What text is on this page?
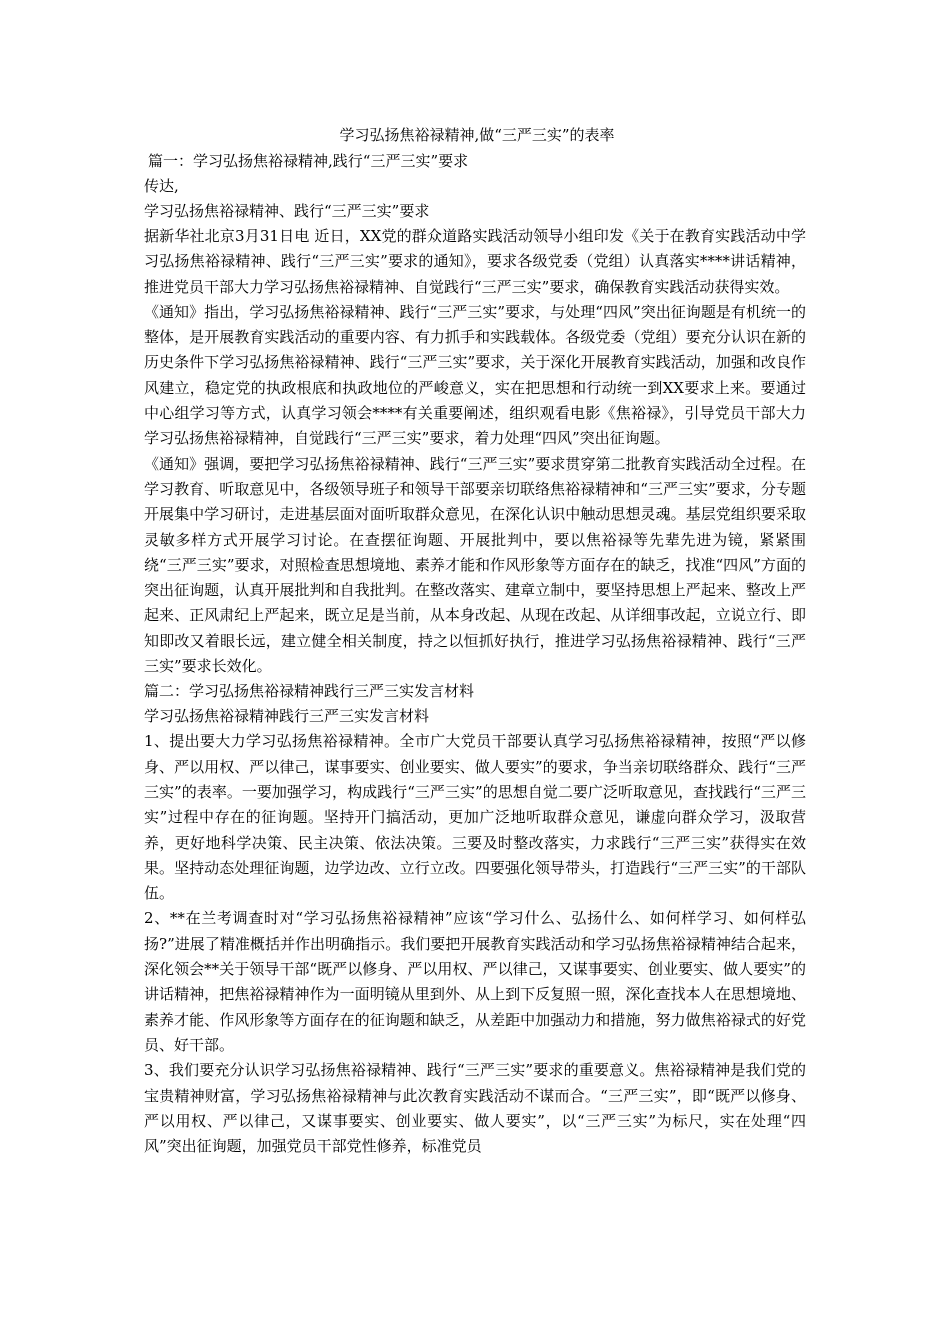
学习弘扬焦裕禄精神,做“三严三实”的表率

篇一：学习弘扬焦裕禄精神,践行“三严三实”要求

传达,

学习弘扬焦裕禄精神、践行“三严三实”要求

据新华社北京3月31日电 近日，XX党的群众道路实践活动领导小组印发《关于在教育实践活动中学习弘扬焦裕禄精神、践行“三严三实”要求的通知》，要求各级党委（党组）认真落实****讲话精神，推进党员干部大力学习弘扬焦裕禄精神、自觉践行“三严三实”要求，确保教育实践活动获得实效。

《通知》指出，学习弘扬焦裕禄精神、践行“三严三实”要求，与处理“四风”突出征询题是有机统一的整体，是开展教育实践活动的重要内容、有力抓手和实践载体。各级党委（党组）要充分认识在新的历史条件下学习弘扬焦裕禄精神、践行“三严三实”要求，关于深化开展教育实践活动，加强和改良作风建立，稳定党的执政根底和执政地位的严峻意义，实在把思想和行动统一到XX要求上来。要通过中心组学习等方式，认真学习领会****有关重要阐述，组织观看电影《焦裕禄》，引导党员干部大力学习弘扬焦裕禄精神，自觉践行“三严三实”要求，着力处理“四风”突出征询题。

《通知》强调，要把学习弘扬焦裕禄精神、践行“三严三实”要求贯穿第二批教育实践活动全过程。在学习教育、听取意见中，各级领导班子和领导干部要亲切联络焦裕禄精神和“三严三实”要求，分专题开展集中学习研讨，走进基层面对面听取群众意见，在深化认识中触动思想灵魂。基层党组织要采取灵敏多样方式开展学习讨论。在查摆征询题、开展批判中，要以焦裕禄等先辈先进为镜，紧紧围绕“三严三实”要求，对照检查思想境地、素养才能和作风形象等方面存在的缺乏，找准“四风”方面的突出征询题，认真开展批判和自我批判。在整改落实、建章立制中，要坚持思想上严起来、整改上严起来、正风肃纪上严起来，既立足是当前，从本身改起、从现在改起、从详细事改起，立说立行、即知即改又着眼长远，建立健全相关制度，持之以恒抓好执行，推进学习弘扬焦裕禄精神、践行“三严三实”要求长效化。

篇二：学习弘扬焦裕禄精神践行三严三实发言材料

学习弘扬焦裕禄精神践行三严三实发言材料

1、提出要大力学习弘扬焦裕禄精神。全市广大党员干部要认真学习弘扬焦裕禄精神，按照“严以修身、严以用权、严以律己，谋事要实、创业要实、做人要实”的要求，争当亲切联络群众、践行“三严三实”的表率。一要加强学习，构成践行“三严三实”的思想自觉二要广泛听取意见，查找践行“三严三实”过程中存在的征询题。坚持开门搞活动，更加广泛地听取群众意见，谦虚向群众学习，汲取营养，更好地科学决策、民主决策、依法决策。三要及时整改落实，力求践行“三严三实”获得实在效果。坚持动态处理征询题，边学边改、立行立改。四要强化领导带头，打造践行“三严三实”的干部队伍。

2、**在兰考调查时对“学习弘扬焦裕禄精神”应该“学习什么、弘扬什么、如何样学习、如何样弘扬?”进展了精准概括并作出明确指示。我们要把开展教育实践活动和学习弘扬焦裕禄精神结合起来，深化领会**关于领导干部“既严以修身、严以用权、严以律己，又谋事要实、创业要实、做人要实”的讲话精神，把焦裕禄精神作为一面明镜从里到外、从上到下反复照一照，深化查找本人在思想境地、素养才能、作风形象等方面存在的征询题和缺乏，从差距中加强动力和措施，努力做焦裕禄式的好党员、好干部。

3、我们要充分认识学习弘扬焦裕禄精神、践行“三严三实”要求的重要意义。焦裕禄精神是我们党的宝贵精神财富，学习弘扬焦裕禄精神与此次教育实践活动不谋而合。“三严三实”，即“既严以修身、严以用权、严以律己，又谋事要实、创业要实、做人要实”，以“三严三实”为标尺，实在处理“四风”突出征询题，加强党员干部党性修养，标准党员
